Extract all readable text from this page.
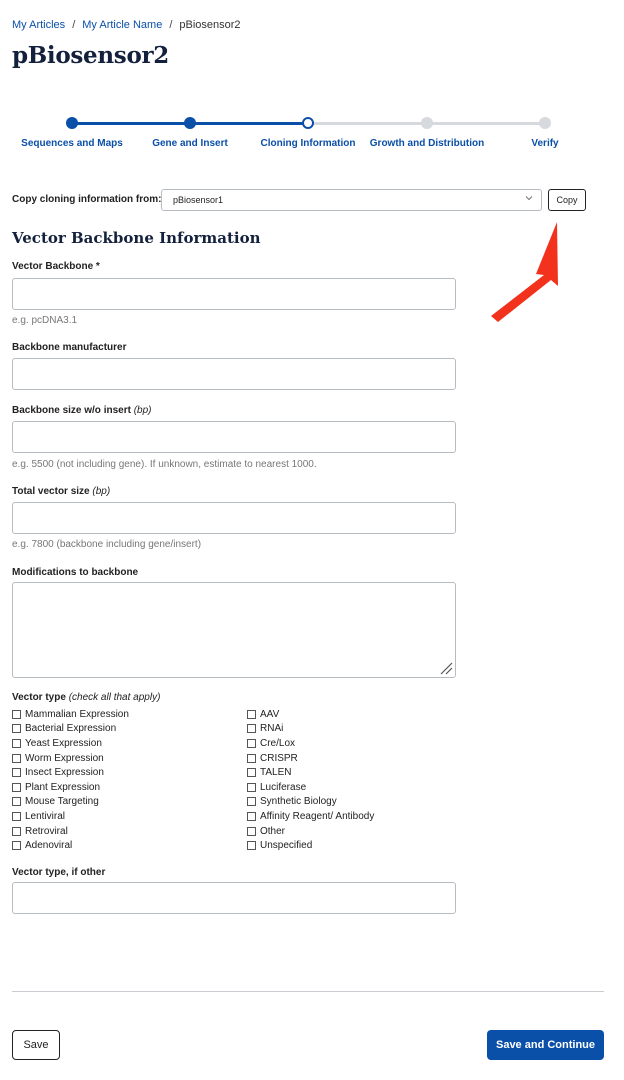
My Articles / My Article Name / pBiosensor2
pBiosensor2
Sequences and Maps	Gene and Insert	Cloning Information Growth and Distribution	Verify
Copy cloning information from:	pBiosensor1	Copy
Vector Backbone Information
Vector Backbone *
e.g. pcDNA3.1
Backbone manufacturer
Backbone size w/o insert (bp)
e.g. 5500 (not including gene). If unknown, estimate to nearest 1000.
Total vector size (bp)
e.g. 7800 (backbone including gene/insert)
Modifications to backbone
Vector type (check all that apply)
Mammalian Expression
Bacterial Expression
Yeast Expression
Worm Expression
Insect Expression
Plant Expression
Mouse Targeting
Lentiviral
Retroviral
Adenoviral
AAV
RNAi
Cre/Lox
CRISPR
TALEN
Luciferase
Synthetic Biology
Affinity Reagent/ Antibody
Other
Unspecified
Vector type, if other
Save	Save and Continue
